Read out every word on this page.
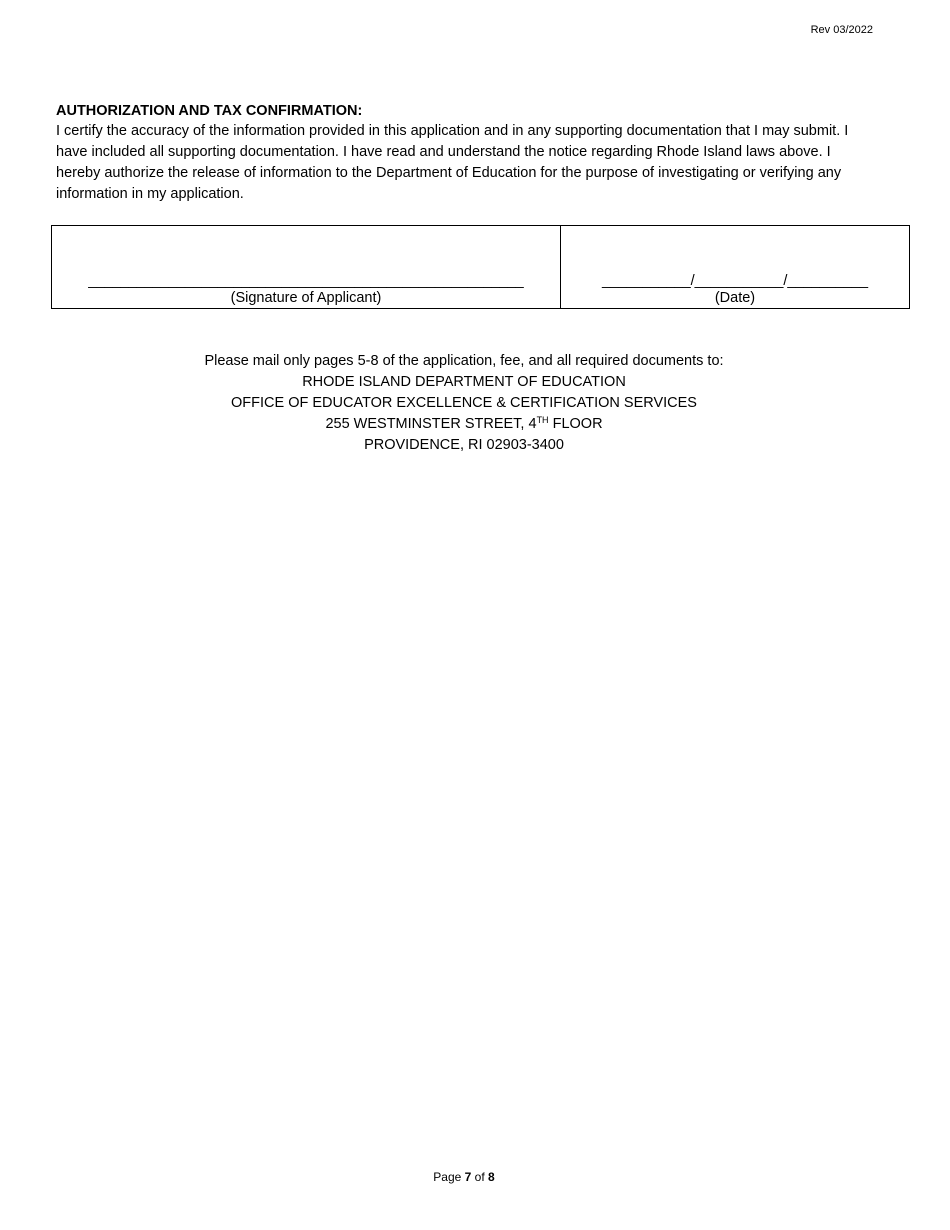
Rev 03/2022

AUTHORIZATION AND TAX CONFIRMATION:

I certify the accuracy of the information provided in this application and in any supporting documentation that I may submit. I have included all supporting documentation. I have read and understand the notice regarding Rhode Island laws above. I hereby authorize the release of information to the Department of Education for the purpose of investigating or verifying any information in my application.

______________________________________________________
(Signature of Applicant)
___________/___________/__________
(Date)
Please mail only pages 5-8 of the application, fee, and all required documents to:
RHODE ISLAND DEPARTMENT OF EDUCATION
OFFICE OF EDUCATOR EXCELLENCE & CERTIFICATION SERVICES
255 WESTMINSTER STREET, 4TH FLOOR
PROVIDENCE, RI 02903-3400
Page 7 of 8
